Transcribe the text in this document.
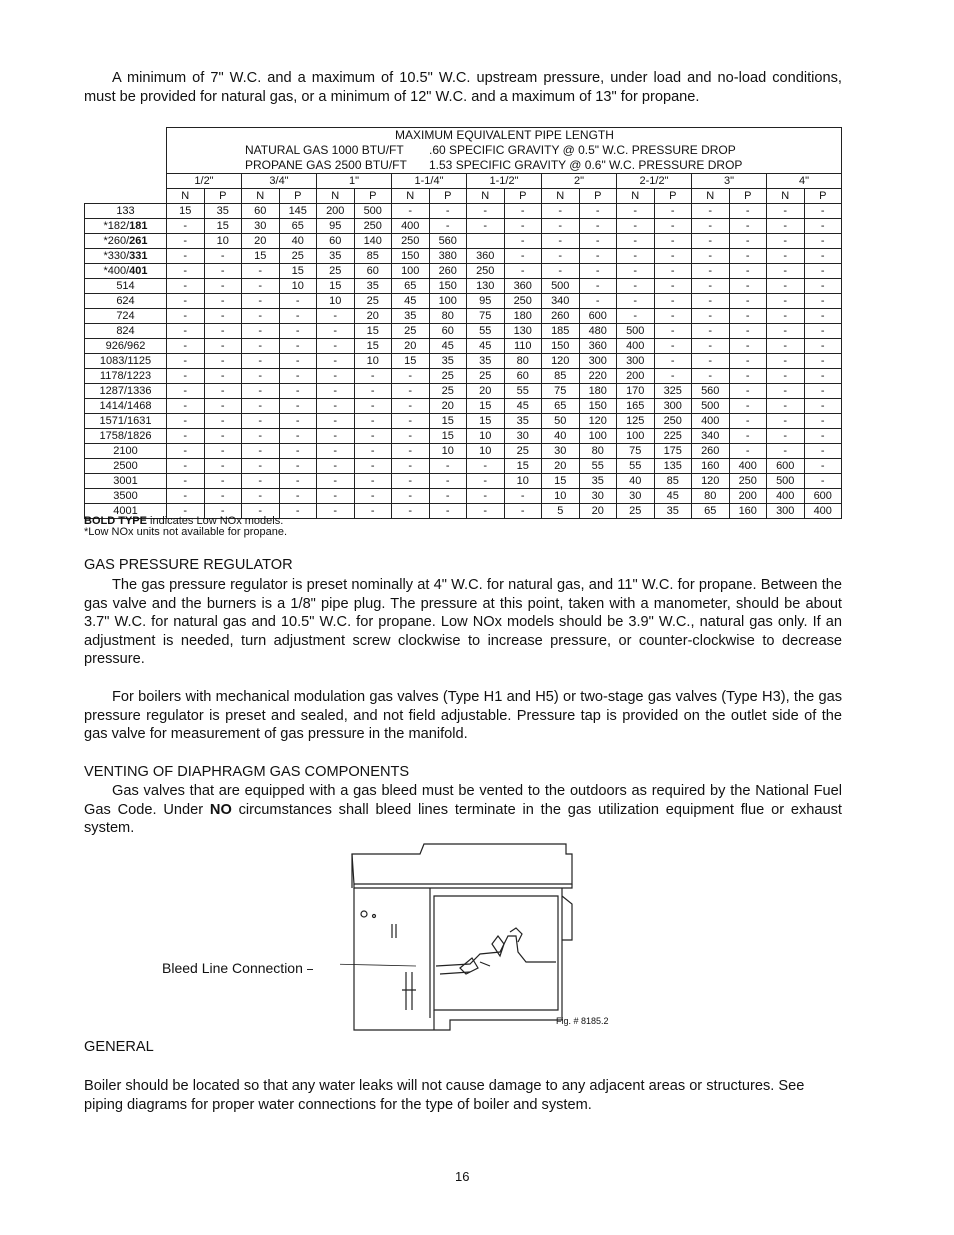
A minimum of 7" W.C. and a maximum of 10.5" W.C. upstream pressure, under load and no-load conditions, must be provided for natural gas, or a minimum of 12" W.C. and a maximum of 13" for propane.

	MAXIMUM EQUIVALENT PIPE LENGTH
NATURAL GAS 1000 BTU/FT .60 SPECIFIC GRAVITY @ 0.5" W.C. PRESSURE DROP
PROPANE GAS 2500 BTU/FT 1.53 SPECIFIC GRAVITY @ 0.6" W.C. PRESSURE DROP																	

	1/2"		3/4"		1"		1-1/4"		1-1/2"		2"		2-1/2"		3"		4"	
	N	P	N	P	N	P	N	P	N	P	N	P	N	P	N	P	N	P
133	15	35	60	145	200	500	-	-	-	-	-	-	-	-	-	-	-	-
*182/181	-	15	30	65	95	250	400	-	-	-	-	-	-	-	-	-	-	-
*260/261	-	10	20	40	60	140	250	560		-	-	-	-	-	-	-	-	-
*330/331	-	-	15	25	35	85	150	380	360	-	-	-	-	-	-	-	-	-
*400/401	-	-	-	15	25	60	100	260	250	-	-	-	-	-	-	-	-	-
514	-	-	-	10	15	35	65	150	130	360	500	-	-	-	-	-	-	-
624	-	-	-	-	10	25	45	100	95	250	340	-	-	-	-	-	-	-
724	-	-	-	-	-	20	35	80	75	180	260	600	-	-	-	-	-	-
824	-	-	-	-	-	15	25	60	55	130	185	480	500	-	-	-	-	-
926/962	-	-	-	-	-	15	20	45	45	110	150	360	400	-	-	-	-	-
1083/1125	-	-	-	-	-	10	15	35	35	80	120	300	300	-	-	-	-	-
1178/1223	-	-	-	-	-	-	-	25	25	60	85	220	200	-	-	-	-	-
1287/1336	-	-	-	-	-	-	-	25	20	55	75	180	170	325	560	-	-	-
1414/1468	-	-	-	-	-	-	-	20	15	45	65	150	165	300	500	-	-	-
1571/1631	-	-	-	-	-	-	-	15	15	35	50	120	125	250	400	-	-	-
1758/1826	-	-	-	-	-	-	-	15	10	30	40	100	100	225	340	-	-	-
2100	-	-	-	-	-	-	-	10	10	25	30	80	75	175	260	-	-	-
2500	-	-	-	-	-	-	-	-	-	15	20	55	55	135	160	400	600	-
3001	-	-	-	-	-	-	-	-	-	10	15	35	40	85	120	250	500	-
3500	-	-	-	-	-	-	-	-	-	-	10	30	30	45	80	200	400	600
4001	-	-	-	-	-	-	-	-	-	-	5	20	25	35	65	160	300	400
BOLD TYPE indicates Low NOx models.
*Low NOx units not available for propane.
GAS PRESSURE REGULATOR
The gas pressure regulator is preset nominally at 4" W.C. for natural gas, and 11" W.C. for propane. Between the gas valve and the burners is a 1/8" pipe plug. The pressure at this point, taken with a manometer, should be about 3.7" W.C. for natural gas and 10.5" W.C. for propane. Low NOx models should be 3.9" W.C., natural gas only. If an adjustment is needed, turn adjustment screw clockwise to increase pressure, or counter-clockwise to decrease pressure.
For boilers with mechanical modulation gas valves (Type H1 and H5) or two-stage gas valves (Type H3), the gas pressure regulator is preset and sealed, and not field adjustable. Pressure tap is provided on the outlet side of the gas valve for measurement of gas pressure in the manifold.
VENTING OF DIAPHRAGM GAS COMPONENTS
Gas valves that are equipped with a gas bleed must be vented to the outdoors as required by the National Fuel Gas Code. Under NO circumstances shall bleed lines terminate in the gas utilization equipment flue or exhaust system.
Bleed Line Connection
Fig. # 8185.2
GENERAL
Boiler should be located so that any water leaks will not cause damage to any adjacent areas or structures. See piping diagrams for proper water connections for the type of boiler and system.
16
